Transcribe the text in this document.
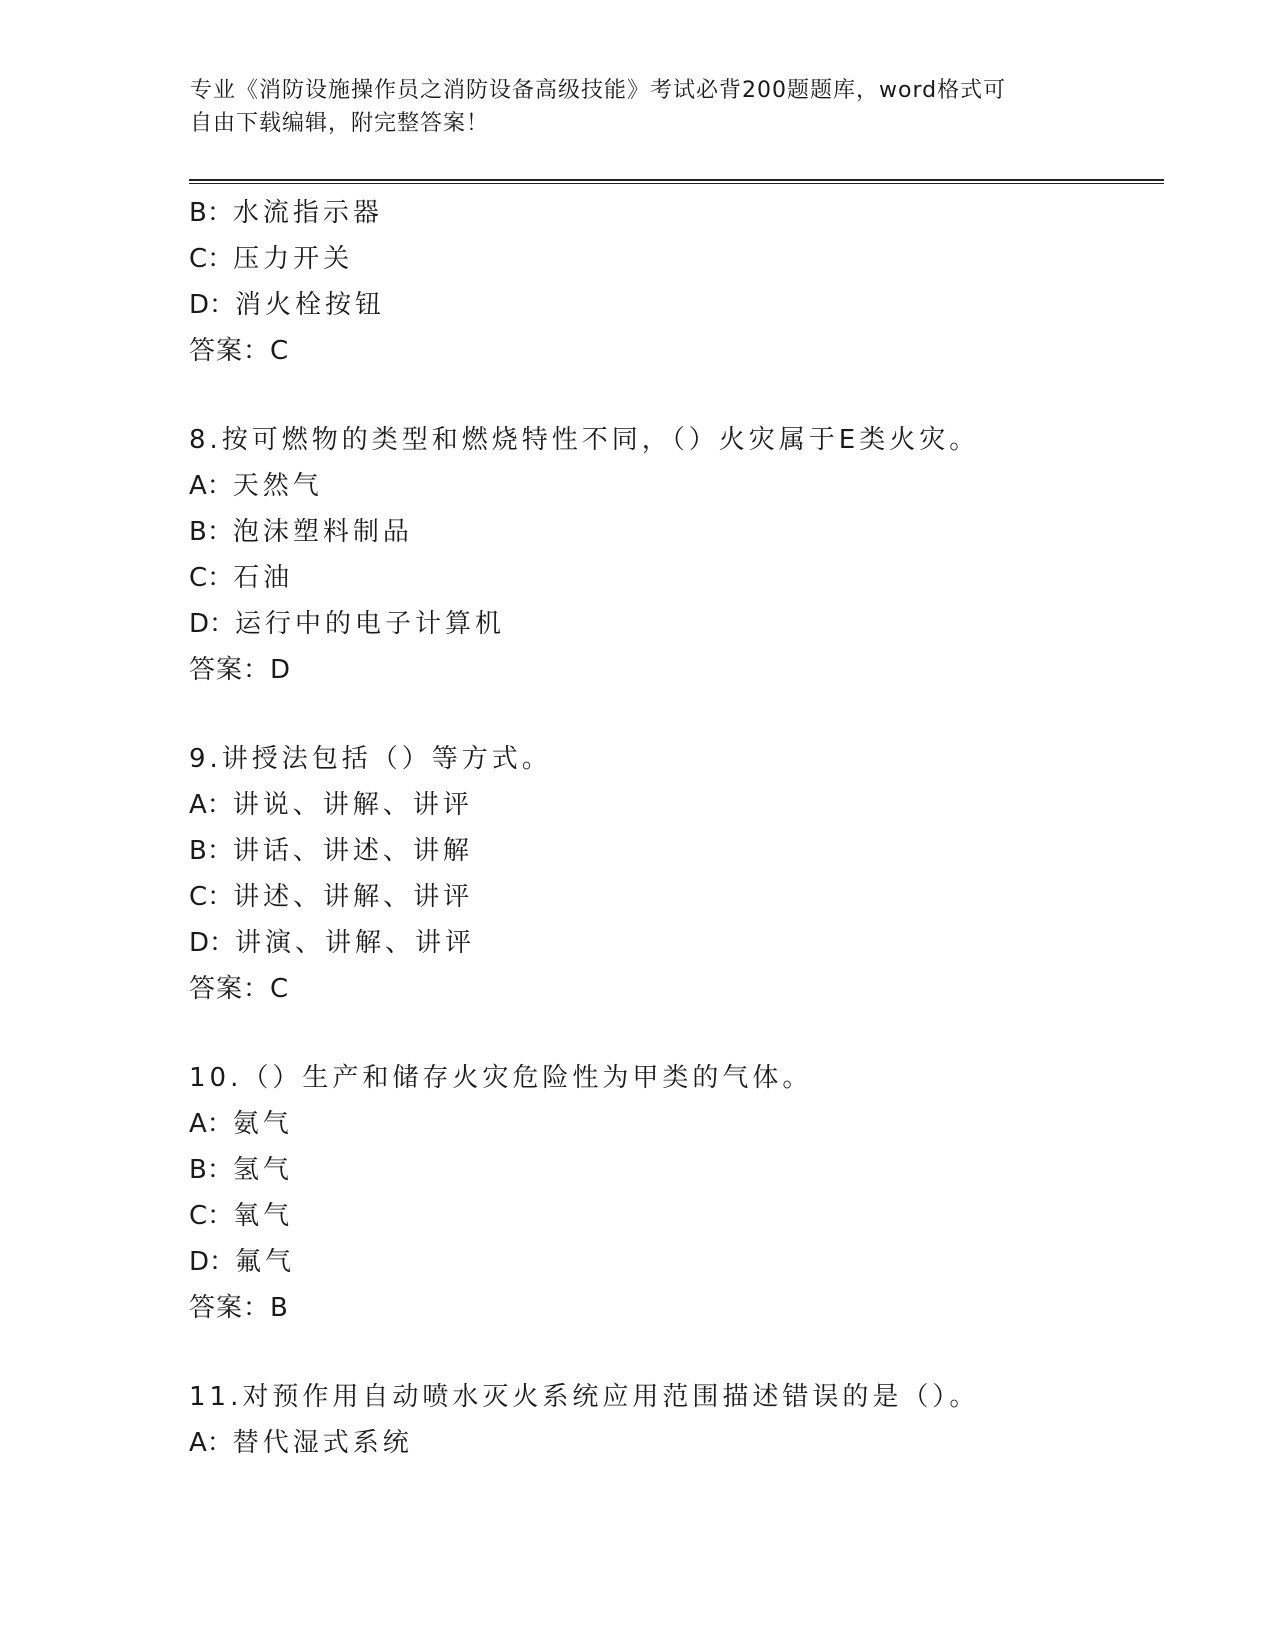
专业《消防设施操作员之消防设备高级技能》考试必背200题题库，word格式可
自由下载编辑，附完整答案！
B：水流指示器
C：压力开关
D：消火栓按钮
答案：C
8.按可燃物的类型和燃烧特性不同，（）火灾属于E类火灾。
A：天然气
B：泡沫塑料制品
C：石油
D：运行中的电子计算机
答案：D
9.讲授法包括（）等方式。
A：讲说、讲解、讲评
B：讲话、讲述、讲解
C：讲述、讲解、讲评
D：讲演、讲解、讲评
答案：C
10.（）生产和储存火灾危险性为甲类的气体。
A：氨气
B：氢气
C：氧气
D：氟气
答案：B
11.对预作用自动喷水灭火系统应用范围描述错误的是（）。
A：替代湿式系统
